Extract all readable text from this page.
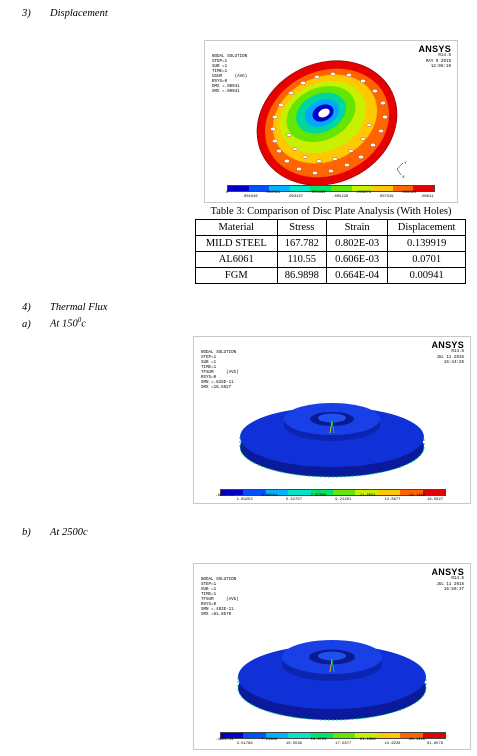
3) Displacement

NODAL SOLUTION
STEP=1
SUB =1
TIME=1
USUM     (AVG)
RSYS=0
DMX =.00941
SMX =.00941

ANSYS
R14.5
MAY 9 2015
12:06:10
Y
X
0	.002091	.004182	.006273	.008364
.001046	.003137	.005228	.007319	.00941
Table 3: Comparison of Disc Plate Analysis (With Holes)
Material	Stress	Strain	Displacement
MILD STEEL	167.782	0.802E-03	0.139919
AL6061	110.55	0.606E-03	0.0701
FGM	86.9898	0.664E-04	0.00941
4) Thermal Flux
a) At $150^0c$

NODAL SOLUTION
STEP=1
SUB =1
TIME=1
TFSUM     (AVG)
RSYS=0
SMN =.825E-11
SMX =16.5627

ANSYS
R14.5
JUL 11 2015
16:44:25
.825E-11	3.68504	7.37008	11.0551	14.7402
1.84252	5.52757	9.21261	12.8977	16.5627
b) At 2500c

NODAL SOLUTION
STEP=1
SUB =1
TIME=1
TFSUM     (AVG)
RSYS=0
SMN =.492E-11
SMX =61.8579

ANSYS
R14.5
JUL 11 2015
16:50:37
.492E-11	7.03608	14.3722	21.1082	28.1455
3.51796	10.5539	17.5877	24.6228	61.8579
